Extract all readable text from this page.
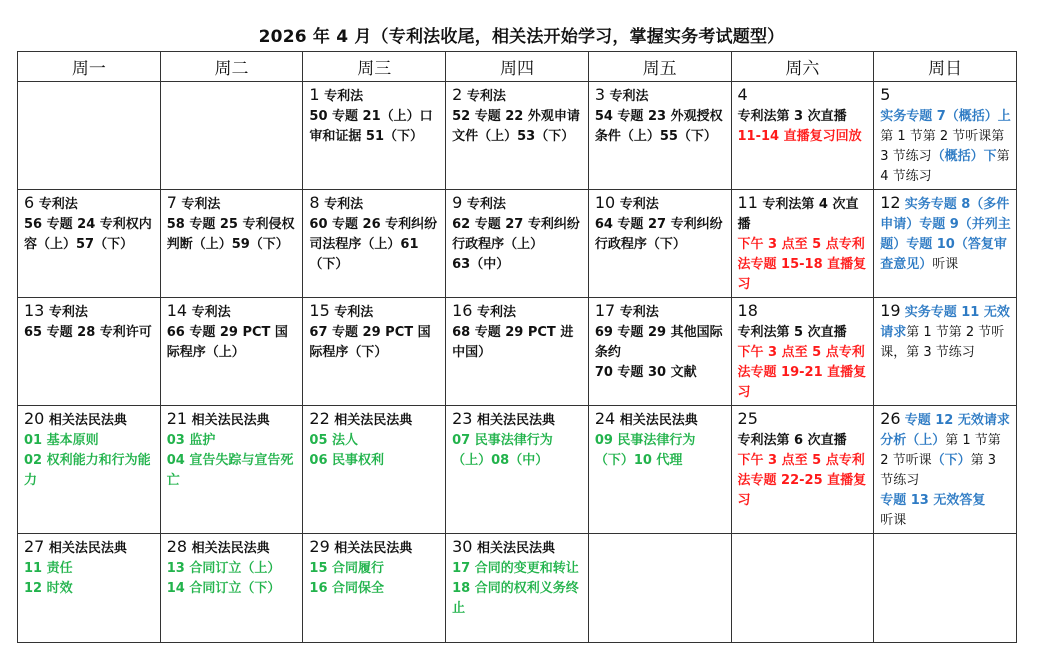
2026 年 4 月（专利法收尾，相关法开始学习，掌握实务考试题型）
周一	周二	周三	周四	周五	周六	周日

		1 专利法
50 专题 21（上）口审和证据 51（下）	2 专利法
52 专题 22 外观申请文件（上）53（下）	3 专利法
54 专题 23 外观授权条件（上）55（下）	4
专利法第 3 次直播
11-14 直播复习回放	5 实务专题 7（概括）上第 1 节第 2 节听课第 3 节练习（概括）下第 4 节练习

6 专利法
56 专题 24 专利权内容（上）57（下）	7 专利法
58 专题 25 专利侵权判断（上）59（下）	8 专利法
60 专题 26 专利纠纷司法程序（上）61（下）	9 专利法
62 专题 27 专利纠纷行政程序（上）
63（中）	10 专利法
64 专题 27 专利纠纷行政程序（下）	11 专利法第 4 次直播
下午 3 点至 5 点专利法专题 15-18 直播复习	12 实务专题 8（多件申请）专题 9（并列主题）专题 10（答复审查意见）听课

13 专利法
65 专题 28 专利许可	14 专利法
66 专题 29 PCT 国际程序（上）	15 专利法
67 专题 29 PCT 国际程序（下）	16 专利法
68 专题 29 PCT 进中国）	17 专利法
69 专题 29 其他国际条约
70 专题 30 文献	18
专利法第 5 次直播
下午 3 点至 5 点专利法专题 19-21 直播复习	19 实务专题 11 无效请求第 1 节第 2 节听课，第 3 节练习

20 相关法民法典
01 基本原则
02 权利能力和行为能力	21 相关法民法典
03 监护
04 宣告失踪与宣告死亡	22 相关法民法典
05 法人
06 民事权利	23 相关法民法典
07 民事法律行为（上）08（中）	24 相关法民法典
09 民事法律行为（下）10 代理	25
专利法第 6 次直播
下午 3 点至 5 点专利法专题 22-25 直播复习	26 专题 12 无效请求分析（上）第 1 节第 2 节听课（下）第 3 节练习
专题 13 无效答复
听课

27 相关法民法典
11 责任
12 时效	28 相关法民法典
13 合同订立（上）
14 合同订立（下）	29 相关法民法典
15 合同履行
16 合同保全	30 相关法民法典
17 合同的变更和转让
18 合同的权利义务终止			
